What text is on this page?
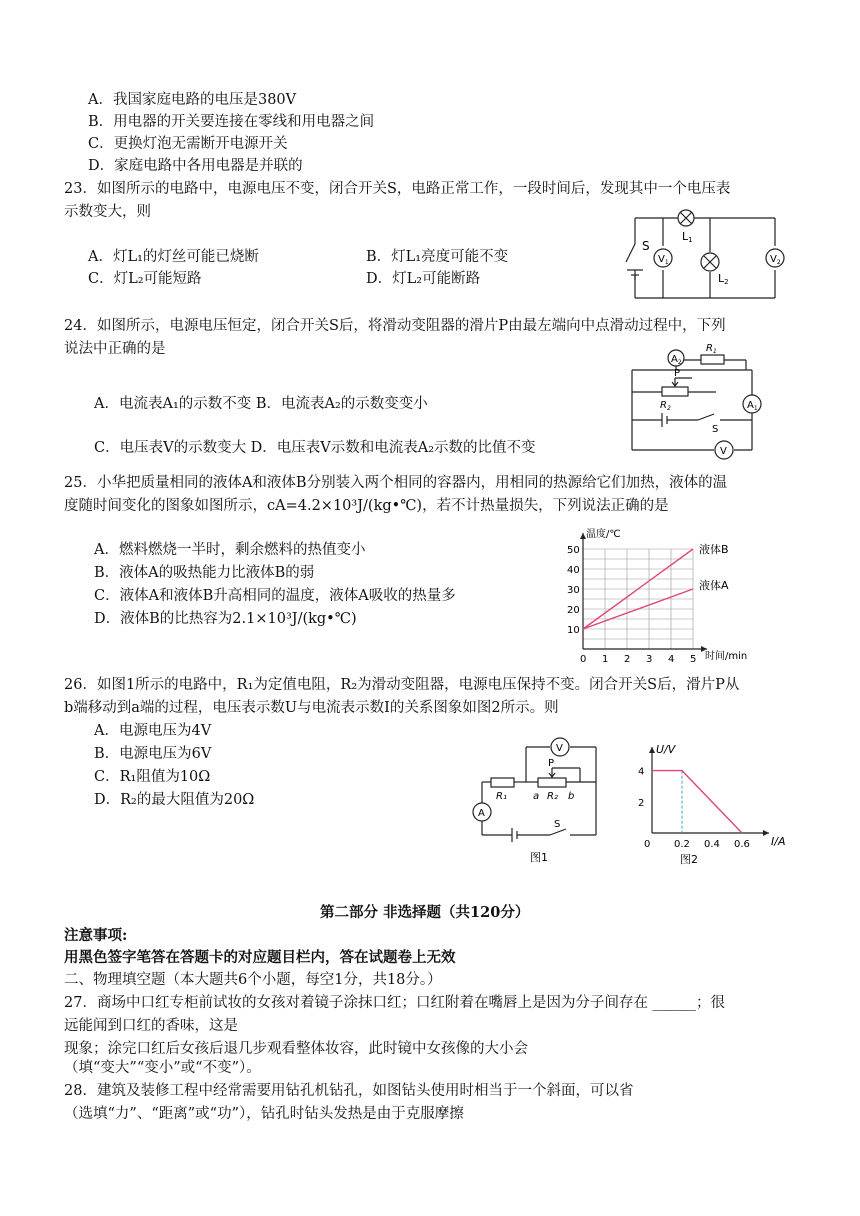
A．我国家庭电路的电压是380V
B．用电器的开关要连接在零线和用电器之间
C．更换灯泡无需断开电源开关
D．家庭电路中各用电器是并联的
23．如图所示的电路中，电源电压不变，闭合开关S，电路正常工作，一段时间后，发现其中一个电压表
示数变大，则
A．灯L₁的灯丝可能已烧断	B．灯L₁亮度可能不变
C．灯L₂可能短路	D．灯L₂可能断路
S
L1
L2
$V_1$	$V_2$
24．如图所示，电源电压恒定，闭合开关S后，将滑动变阻器的滑片P由最左端向中点滑动过程中，下列
说法中正确的是
A．电流表A₁的示数不变 B．电流表A₂的示数变变小
C．电压表V的示数变大 D．电压表V示数和电流表A₂示数的比值不变
$A_2$
$R_1$
P
$R_2$	$A_1$
S
V
25．小华把质量相同的液体A和液体B分别装入两个相同的容器内，用相同的热源给它们加热，液体的温
度随时间变化的图象如图所示，cA=4.2×10³J/(kg•℃)，若不计热量损失，下列说法正确的是
A．燃料燃烧一半时，剩余燃料的热值变小
B．液体A的吸热能力比液体B的弱
C．液体A和液体B升高相同的温度，液体A吸收的热量多
D．液体B的比热容为2.1×10³J/(kg•℃)
0 1 2 3 4 5
10
20
30
40
50
温度/℃
时间/min
液体B
液体A
26．如图1所示的电路中，R₁为定值电阻，R₂为滑动变阻器，电源电压保持不变。闭合开关S后，滑片P从
b端移动到a端的过程，电压表示数U与电流表示数I的关系图象如图2所示。则
A．电源电压为4V
B．电源电压为6V
C．R₁阻值为10Ω
D．R₂的最大阻值为20Ω
V
P
R₁	a R₂ b
A
S
图1
U/V
I/A
0 0.2 0.4 0.6
2
4
图2
第二部分 非选择题（共120分）
注意事项:
用黑色签字笔答在答题卡的对应题目栏内，答在试题卷上无效
二、物理填空题（本大题共6个小题，每空1分，共18分。）
27．商场中口红专柜前试妆的女孩对着镜子涂抹口红；口红附着在嘴唇上是因为分子间存在 ______；很
远能闻到口红的香味，这是
现象；涂完口红后女孩后退几步观看整体妆容，此时镜中女孩像的大小会
（填“变大”“变小”或“不变”）。
28．建筑及装修工程中经常需要用钻孔机钻孔，如图钻头使用时相当于一个斜面，可以省
（选填“力”、“距离”或“功”），钻孔时钻头发热是由于克服摩擦
